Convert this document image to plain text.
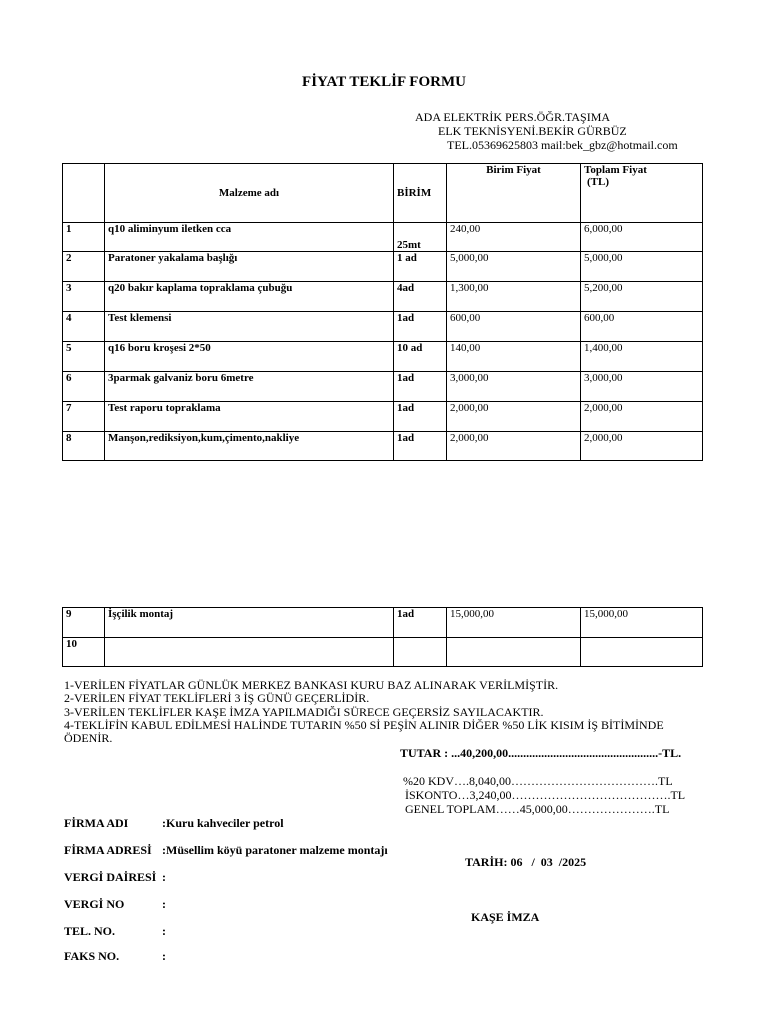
FİYAT TEKLİF FORMU
ADA ELEKTRİK PERS.ÖĞR.TAŞIMA
ELK TEKNİSYENİ.BEKİR GÜRBÜZ
TEL.05369625803 mail:bek_gbz@hotmail.com
	Malzeme adı	BİRİM	Birim Fiyat	Toplam Fiyat
(TL)
1	q10 aliminyum iletken cca	25mt	240,00	6,000,00
2	Paratoner yakalama başlığı	1 ad	5,000,00	5,000,00
3	q20 bakır kaplama topraklama çubuğu	4ad	1,300,00	5,200,00
4	Test klemensi	1ad	600,00	600,00
5	q16 boru kroşesi 2*50	10 ad	140,00	1,400,00
6	3parmak galvaniz boru 6metre	1ad	3,000,00	3,000,00
7	Test raporu topraklama	1ad	2,000,00	2,000,00
8	Manşon,rediksiyon,kum,çimento,nakliye	1ad	2,000,00	2,000,00
9	İşçilik montaj	1ad	15,000,00	15,000,00
10				
1-VERİLEN FİYATLAR GÜNLÜK MERKEZ BANKASI KURU BAZ ALINARAK VERİLMİŞTİR.
2-VERİLEN FİYAT TEKLİFLERİ 3 İŞ GÜNÜ GEÇERLİDİR.
3-VERİLEN TEKLİFLER KAŞE İMZA YAPILMADIĞI SÜRECE GEÇERSİZ SAYILACAKTIR.
4-TEKLİFİN KABUL EDİLMESİ HALİNDE TUTARIN %50 Sİ PEŞİN ALINIR DİĞER %50 LİK KISIM İŞ BİTİMİNDE
ÖDENİR.
TUTAR : ...40,200,00..................................................-TL.
%20 KDV….8,040,00……………………………….TL
İSKONTO…3,240,00………………………………….TL
GENEL TOPLAM……45,000,00………………….TL
FİRMA ADI	:Kuru kahveciler petrol
FİRMA ADRESİ :Müsellim köyü paratoner malzeme montajı
VERGİ DAİRESİ :
VERGİ NO	:
TEL. NO.	:
FAKS NO.	:
TARİH: 06   /  03  /2025
KAŞE İMZA
